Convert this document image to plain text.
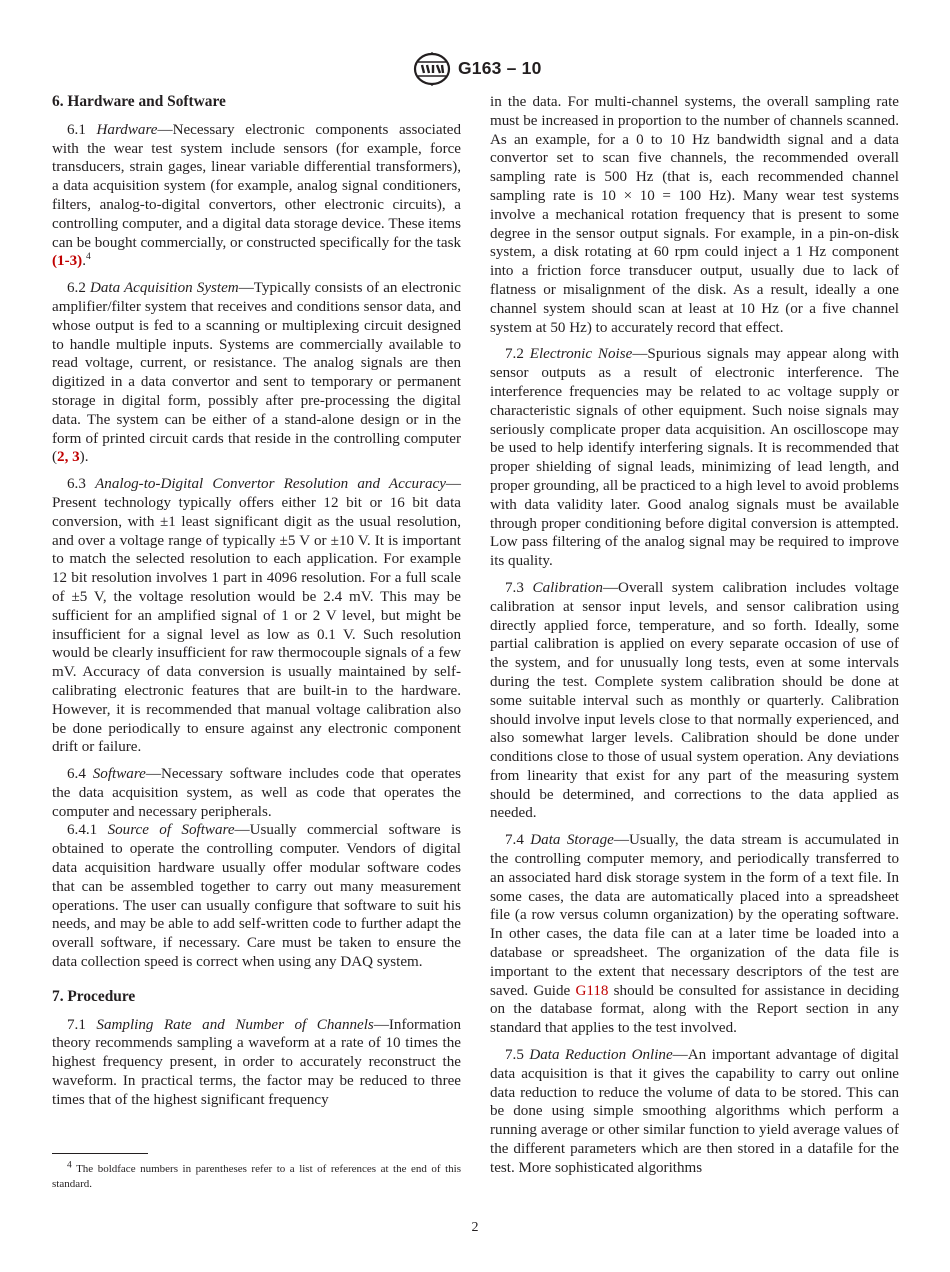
G163 – 10
6. Hardware and Software

6.1 Hardware—Necessary electronic components associated with the wear test system include sensors (for example, force transducers, strain gages, linear variable differential transformers), a data acquisition system (for example, analog signal conditioners, filters, analog-to-digital convertors, other electronic circuits), a controlling computer, and a digital data storage device. These items can be bought commercially, or constructed specifically for the task (1-3).$^4$

6.2 Data Acquisition System—Typically consists of an electronic amplifier/filter system that receives and conditions sensor data, and whose output is fed to a scanning or multiplexing circuit designed to handle multiple inputs. Systems are commercially available to read voltage, current, or resistance. The analog signals are then digitized in a data convertor and sent to temporary or permanent storage in digital form, possibly after pre-processing the digital data. The system can be either of a stand-alone design or in the form of printed circuit cards that reside in the controlling computer (2, 3).

6.3 Analog-to-Digital Convertor Resolution and Accuracy—Present technology typically offers either 12 bit or 16 bit data conversion, with ±1 least significant digit as the usual resolution, and over a voltage range of typically ±5 V or ±10 V. It is important to match the selected resolution to each application. For example 12 bit resolution involves 1 part in 4096 resolution. For a full scale of ±5 V, the voltage resolution would be 2.4 mV. This may be sufficient for an amplified signal of 1 or 2 V level, but might be insufficient for a signal level as low as 0.1 V. Such resolution would be clearly insufficient for raw thermocouple signals of a few mV. Accuracy of data conversion is usually maintained by self-calibrating electronic features that are built-in to the hardware. However, it is recommended that manual voltage calibration also be done periodically to ensure against any electronic component drift or failure.

6.4 Software—Necessary software includes code that operates the data acquisition system, as well as code that operates the computer and necessary peripherals.

6.4.1 Source of Software—Usually commercial software is obtained to operate the controlling computer. Vendors of digital data acquisition hardware usually offer modular software codes that can be assembled together to carry out many measurement operations. The user can usually configure that software to suit his needs, and may be able to add self-written code to further adapt the overall software, if necessary. Care must be taken to ensure the data collection speed is correct when using any DAQ system.

7. Procedure

7.1 Sampling Rate and Number of Channels—Information theory recommends sampling a waveform at a rate of 10 times the highest frequency present, in order to accurately reconstruct the waveform. In practical terms, the factor may be reduced to three times that of the highest significant frequency

$^4$ The boldface numbers in parentheses refer to a list of references at the end of this standard.

in the data. For multi-channel systems, the overall sampling rate must be increased in proportion to the number of channels scanned. As an example, for a 0 to 10 Hz bandwidth signal and a data convertor set to scan five channels, the recommended overall sampling rate is 500 Hz (that is, each recommended channel sampling rate is 10 × 10 = 100 Hz). Many wear test systems involve a mechanical rotation frequency that is present to some degree in the sensor output signals. For example, in a pin-on-disk system, a disk rotating at 60 rpm could inject a 1 Hz component into a friction force transducer output, usually due to lack of flatness or misalignment of the disk. As a result, ideally a one channel system should scan at least at 10 Hz (or a five channel system at 50 Hz) to accurately record that effect.

7.2 Electronic Noise—Spurious signals may appear along with sensor outputs as a result of electronic interference. The interference frequencies may be related to ac voltage supply or characteristic signals of other equipment. Such noise signals may seriously complicate proper data acquisition. An oscilloscope may be used to help identify interfering signals. It is recommended that proper shielding of signal leads, minimizing of lead length, and proper grounding, all be practiced to a high level to avoid problems with data validity later. Good analog signals must be available through proper conditioning before digital conversion is attempted. Low pass filtering of the analog signal may be required to improve its quality.

7.3 Calibration—Overall system calibration includes voltage calibration at sensor input levels, and sensor calibration using directly applied force, temperature, and so forth. Ideally, some partial calibration is applied on every separate occasion of use of the system, and for unusually long tests, even at some intervals during the test. Complete system calibration should be done at some suitable interval such as monthly or quarterly. Calibration should involve input levels close to that normally experienced, and also somewhat larger levels. Calibration should be done under conditions close to those of usual system operation. Any deviations from linearity that exist for any part of the measuring system should be determined, and corrections to the data applied as needed.

7.4 Data Storage—Usually, the data stream is accumulated in the controlling computer memory, and periodically transferred to an associated hard disk storage system in the form of a text file. In some cases, the data are automatically placed into a spreadsheet file (a row versus column organization) by the operating software. In other cases, the data file can at a later time be loaded into a database or spreadsheet. The organization of the data file is important to the extent that necessary descriptors of the test are saved. Guide G118 should be consulted for assistance in deciding on the database format, along with the Report section in any standard that applies to the test involved.

7.5 Data Reduction Online—An important advantage of digital data acquisition is that it gives the capability to carry out online data reduction to reduce the volume of data to be stored. This can be done using simple smoothing algorithms which perform a running average or other similar function to yield average values of the different parameters which are then stored in a datafile for the test. More sophisticated algorithms

2
